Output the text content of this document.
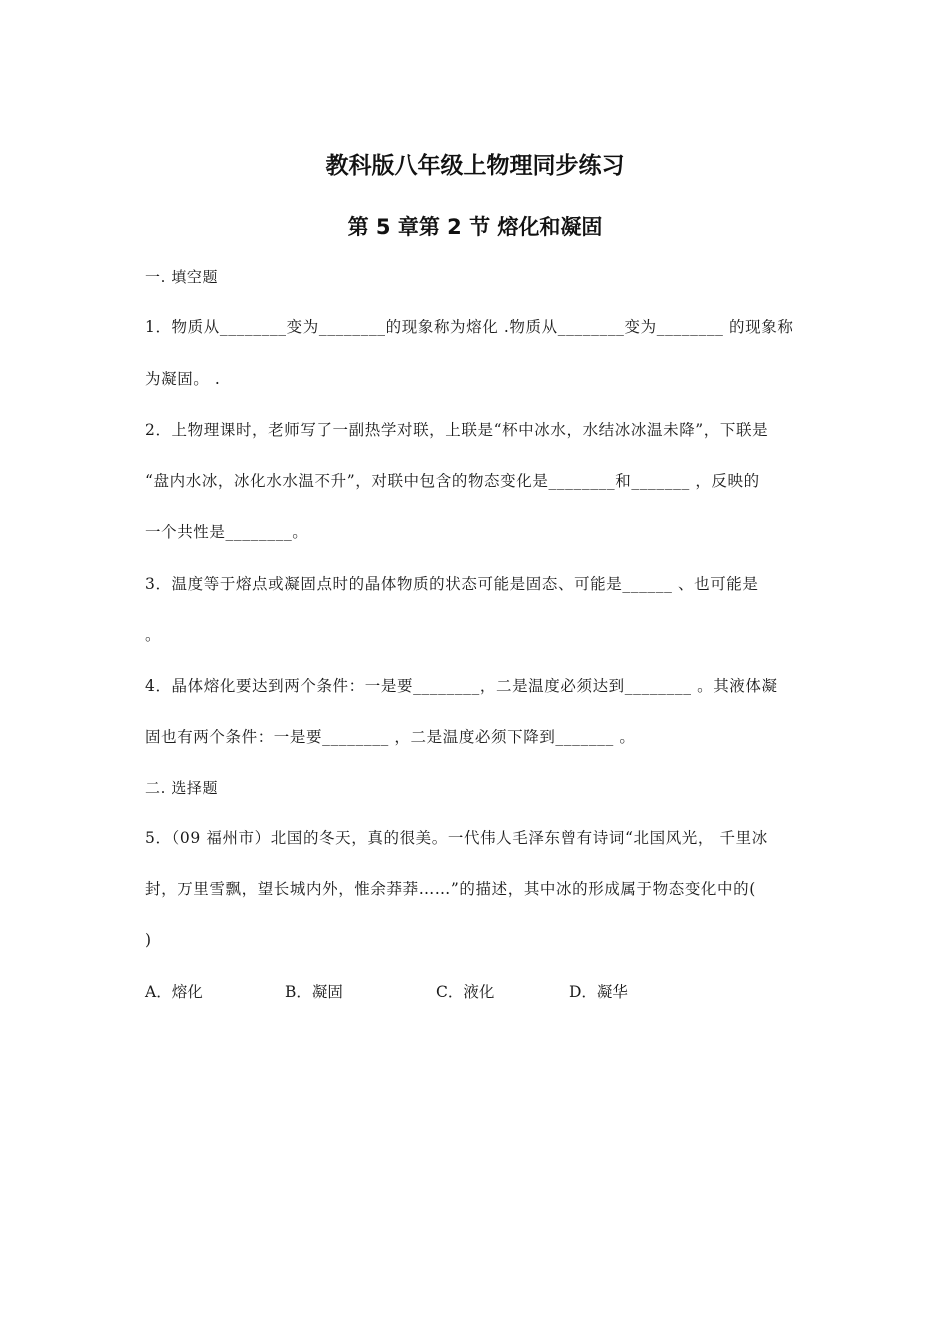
教科版八年级上物理同步练习
第 5 章第 2 节 熔化和凝固
一. 填空题
1．物质从________变为________的现象称为熔化 .物质从________变为________ 的现象称
为凝固。 .
2．上物理课时，老师写了一副热学对联，上联是“杯中冰水，水结冰冰温未降”，下联是
“盘内水冰，冰化水水温不升”，对联中包含的物态变化是________和_______ ，反映的
一个共性是________。
3．温度等于熔点或凝固点时的晶体物质的状态可能是固态、可能是______ 、也可能是
。
4．晶体熔化要达到两个条件：一是要________，二是温度必须达到________ 。其液体凝
固也有两个条件：一是要________ ，二是温度必须下降到_______ 。
二. 选择题
5．（09 福州市）北国的冬天，真的很美。一代伟人毛泽东曾有诗词“北国风光， 千里冰
封，万里雪飘，望长城内外，惟余莽莽……”的描述，其中冰的形成属于物态变化中的(
)
A．熔化	B．凝固	C．液化	D．凝华
